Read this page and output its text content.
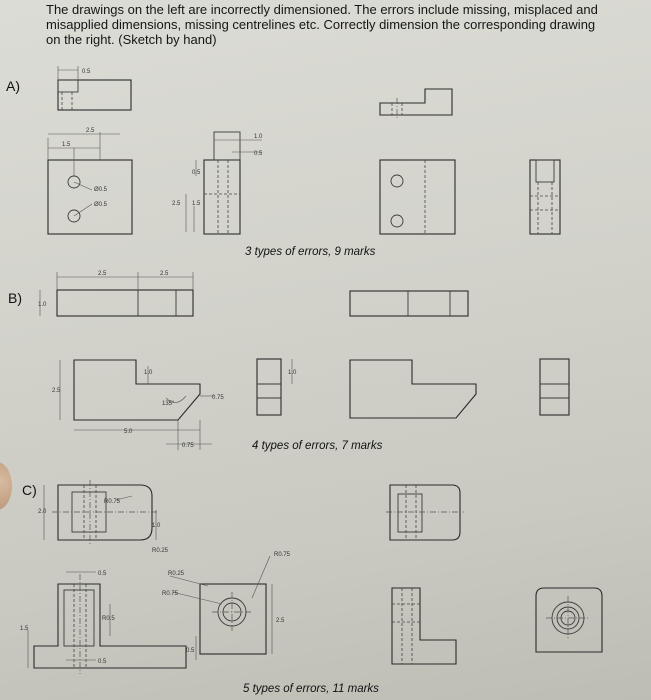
The drawings on the left are incorrectly dimensioned. The errors include missing, misplaced and misapplied dimensions, missing centrelines etc. Correctly dimension the corresponding drawing on the right. (Sketch by hand)

A)
B)
C)
3 types of errors, 9 marks
4 types of errors, 7 marks
5 types of errors, 11 marks
0.5
Ø0.5
Ø0.5
2.5
1.5
1.0
0.5
0.5
2.5 1.5
2.5	2.5
1.0
2.5
1.0
135°
0.75
5.0
0.75
1.0
R0.75
2.0
1.0
R0.25
0.5
R0.5
1.5
0.5
R0.25
R0.75
R0.75
2.5
0.5
